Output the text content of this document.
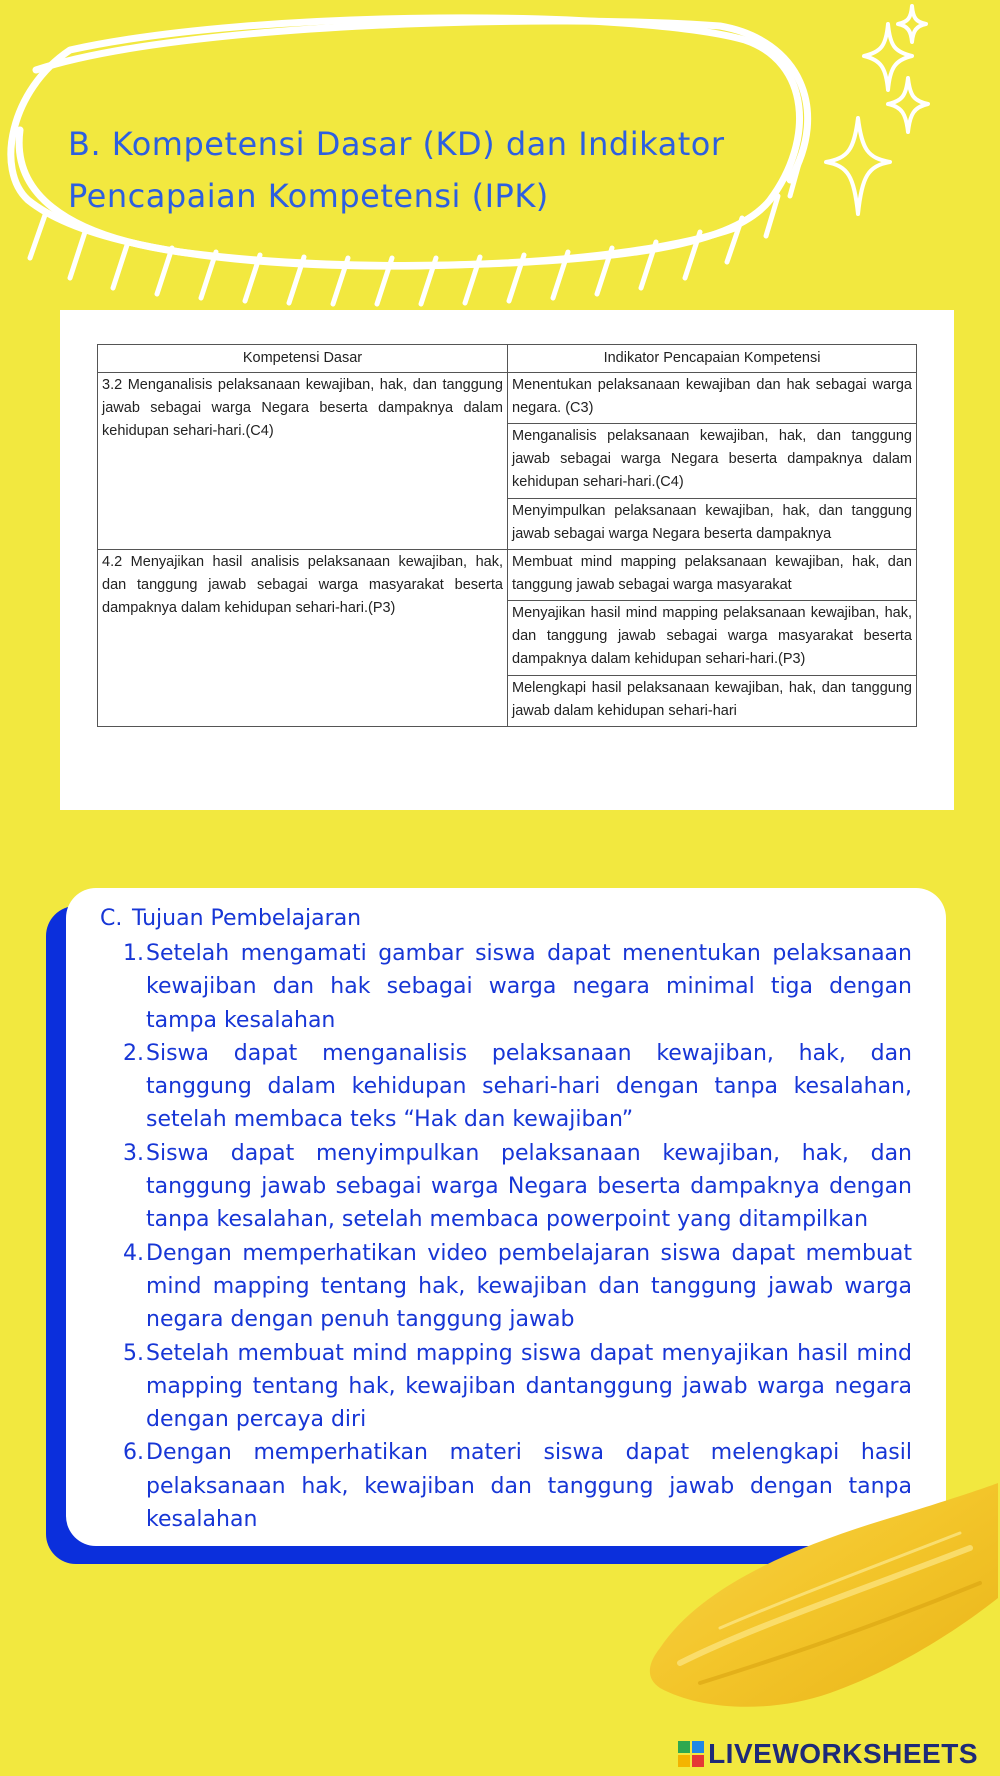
B. Kompetensi Dasar (KD) dan Indikator
Pencapaian Kompetensi (IPK)
Kompetensi Dasar	Indikator Pencapaian Kompetensi
3.2 Menganalisis pelaksanaan kewajiban, hak, dan tanggung jawab sebagai warga Negara beserta dampaknya dalam kehidupan sehari-hari.(C4)	Menentukan pelaksanaan kewajiban dan hak sebagai warga negara. (C3)
	Menganalisis pelaksanaan kewajiban, hak, dan tanggung jawab sebagai warga Negara beserta dampaknya dalam kehidupan sehari-hari.(C4)
	Menyimpulkan pelaksanaan kewajiban, hak, dan tanggung jawab sebagai warga Negara beserta dampaknya
4.2 Menyajikan hasil analisis pelaksanaan kewajiban, hak, dan tanggung jawab sebagai warga masyarakat beserta dampaknya dalam kehidupan sehari-hari.(P3)	Membuat mind mapping pelaksanaan kewajiban, hak, dan tanggung jawab sebagai warga masyarakat
	Menyajikan hasil mind mapping pelaksanaan kewajiban, hak, dan tanggung jawab sebagai warga masyarakat beserta dampaknya dalam kehidupan sehari-hari.(P3)
	Melengkapi hasil pelaksanaan kewajiban, hak, dan tanggung jawab dalam kehidupan sehari-hari
C. Tujuan Pembelajaran
1. Setelah mengamati gambar siswa dapat menentukan pelaksanaan kewajiban dan hak sebagai warga negara minimal tiga dengan tampa kesalahan
2. Siswa dapat menganalisis pelaksanaan kewajiban, hak, dan tanggung dalam kehidupan sehari-hari dengan tanpa kesalahan, setelah membaca teks “Hak dan kewajiban”
3. Siswa dapat menyimpulkan pelaksanaan kewajiban, hak, dan tanggung jawab sebagai warga Negara beserta dampaknya dengan tanpa kesalahan, setelah membaca powerpoint yang ditampilkan
4. Dengan memperhatikan video pembelajaran siswa dapat membuat mind mapping tentang hak, kewajiban dan tanggung jawab warga negara dengan penuh tanggung jawab
5. Setelah membuat mind mapping siswa dapat menyajikan hasil mind mapping tentang hak, kewajiban dantanggung jawab warga negara dengan percaya diri
6. Dengan memperhatikan materi siswa dapat melengkapi hasil pelaksanaan hak, kewajiban dan tanggung jawab dengan tanpa kesalahan
LIVEWORKSHEETS
